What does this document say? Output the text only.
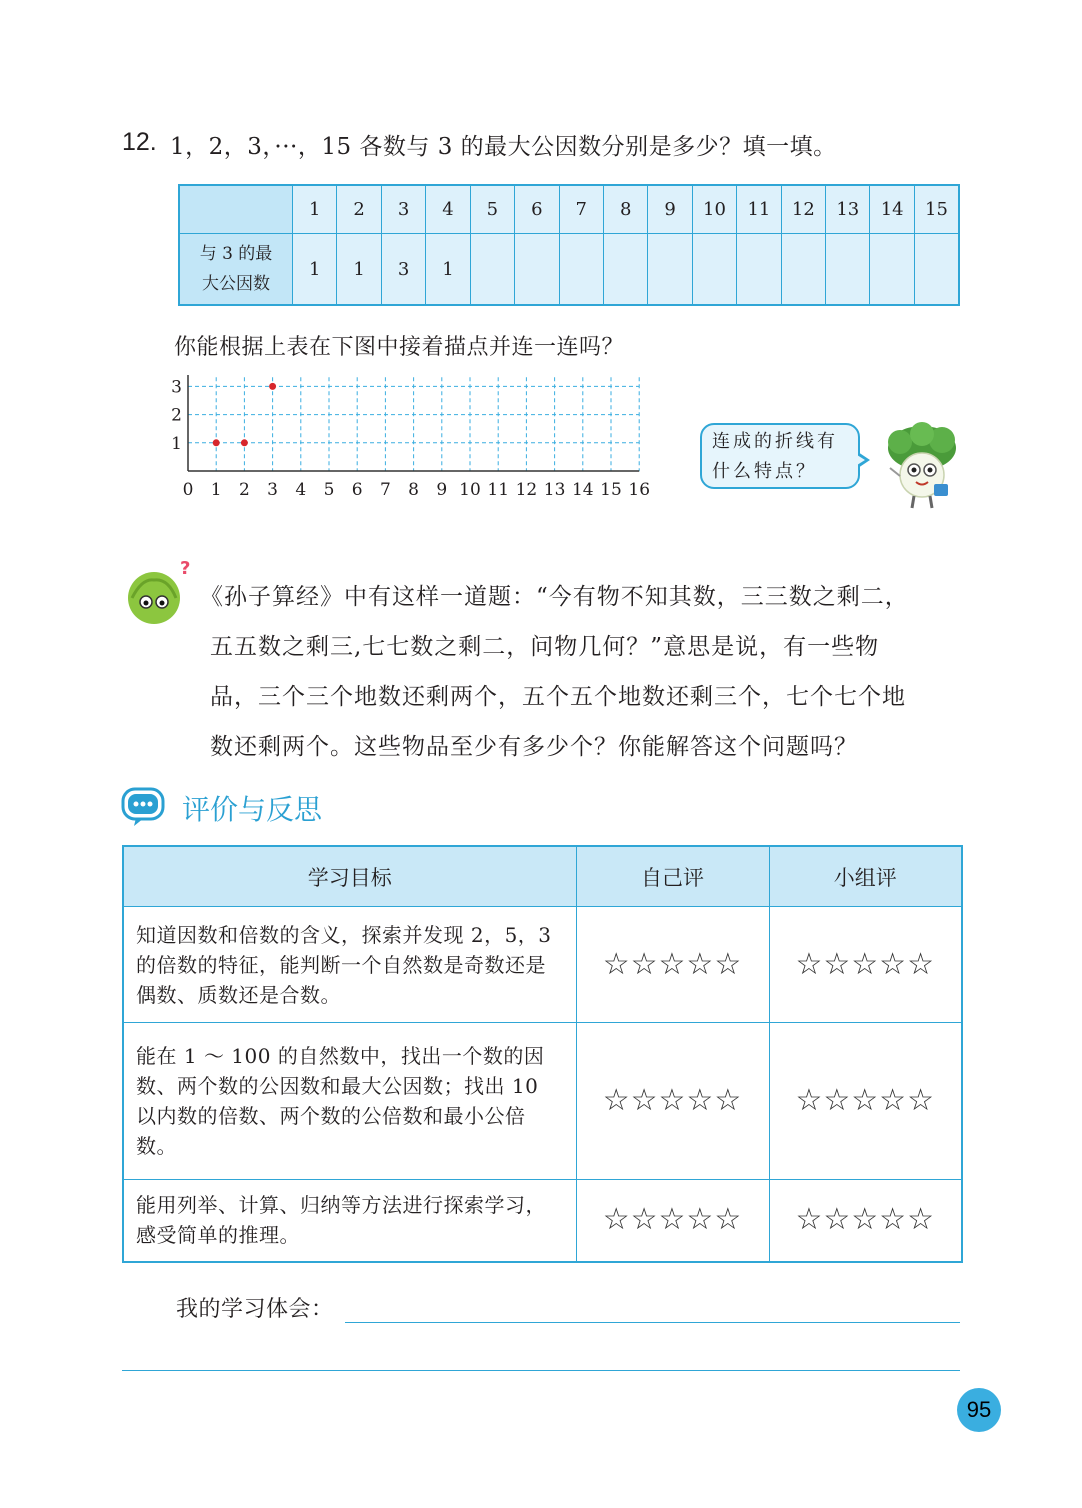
12. 1，2，3，···，15 各数与 3 的最大公因数分别是多少？填一填。
	1	2	3	4	5	6	7	8	9	10	11	12	13	14	15

与 3 的最
大公因数	1	1	3	1											
你能根据上表在下图中接着描点并连一连吗？
0 1 2 3 4 5 6 7 8 9 10 11 12 13 14 15 16
1
2
3
连成的折线有
什么特点？
?

《孙子算经》中有这样一道题：“今有物不知其数，三三数之剩二，

五五数之剩三,七七数之剩二，问物几何？”意思是说，有一些物

品，三个三个地数还剩两个，五个五个地数还剩三个，七个七个地

数还剩两个。这些物品至少有多少个？你能解答这个问题吗？

评价与反思
学习目标	自己评	小组评
知道因数和倍数的含义，探索并发现 2，5，3 的倍数的特征，能判断一个自然数是奇数还是偶数、质数还是合数。	☆☆☆☆☆	☆☆☆☆☆
能在 1 ～ 100 的自然数中，找出一个数的因数、两个数的公因数和最大公因数；找出 10 以内数的倍数、两个数的公倍数和最小公倍数。	☆☆☆☆☆	☆☆☆☆☆
能用列举、计算、归纳等方法进行探索学习，感受简单的推理。	☆☆☆☆☆	☆☆☆☆☆
我的学习体会：
95
